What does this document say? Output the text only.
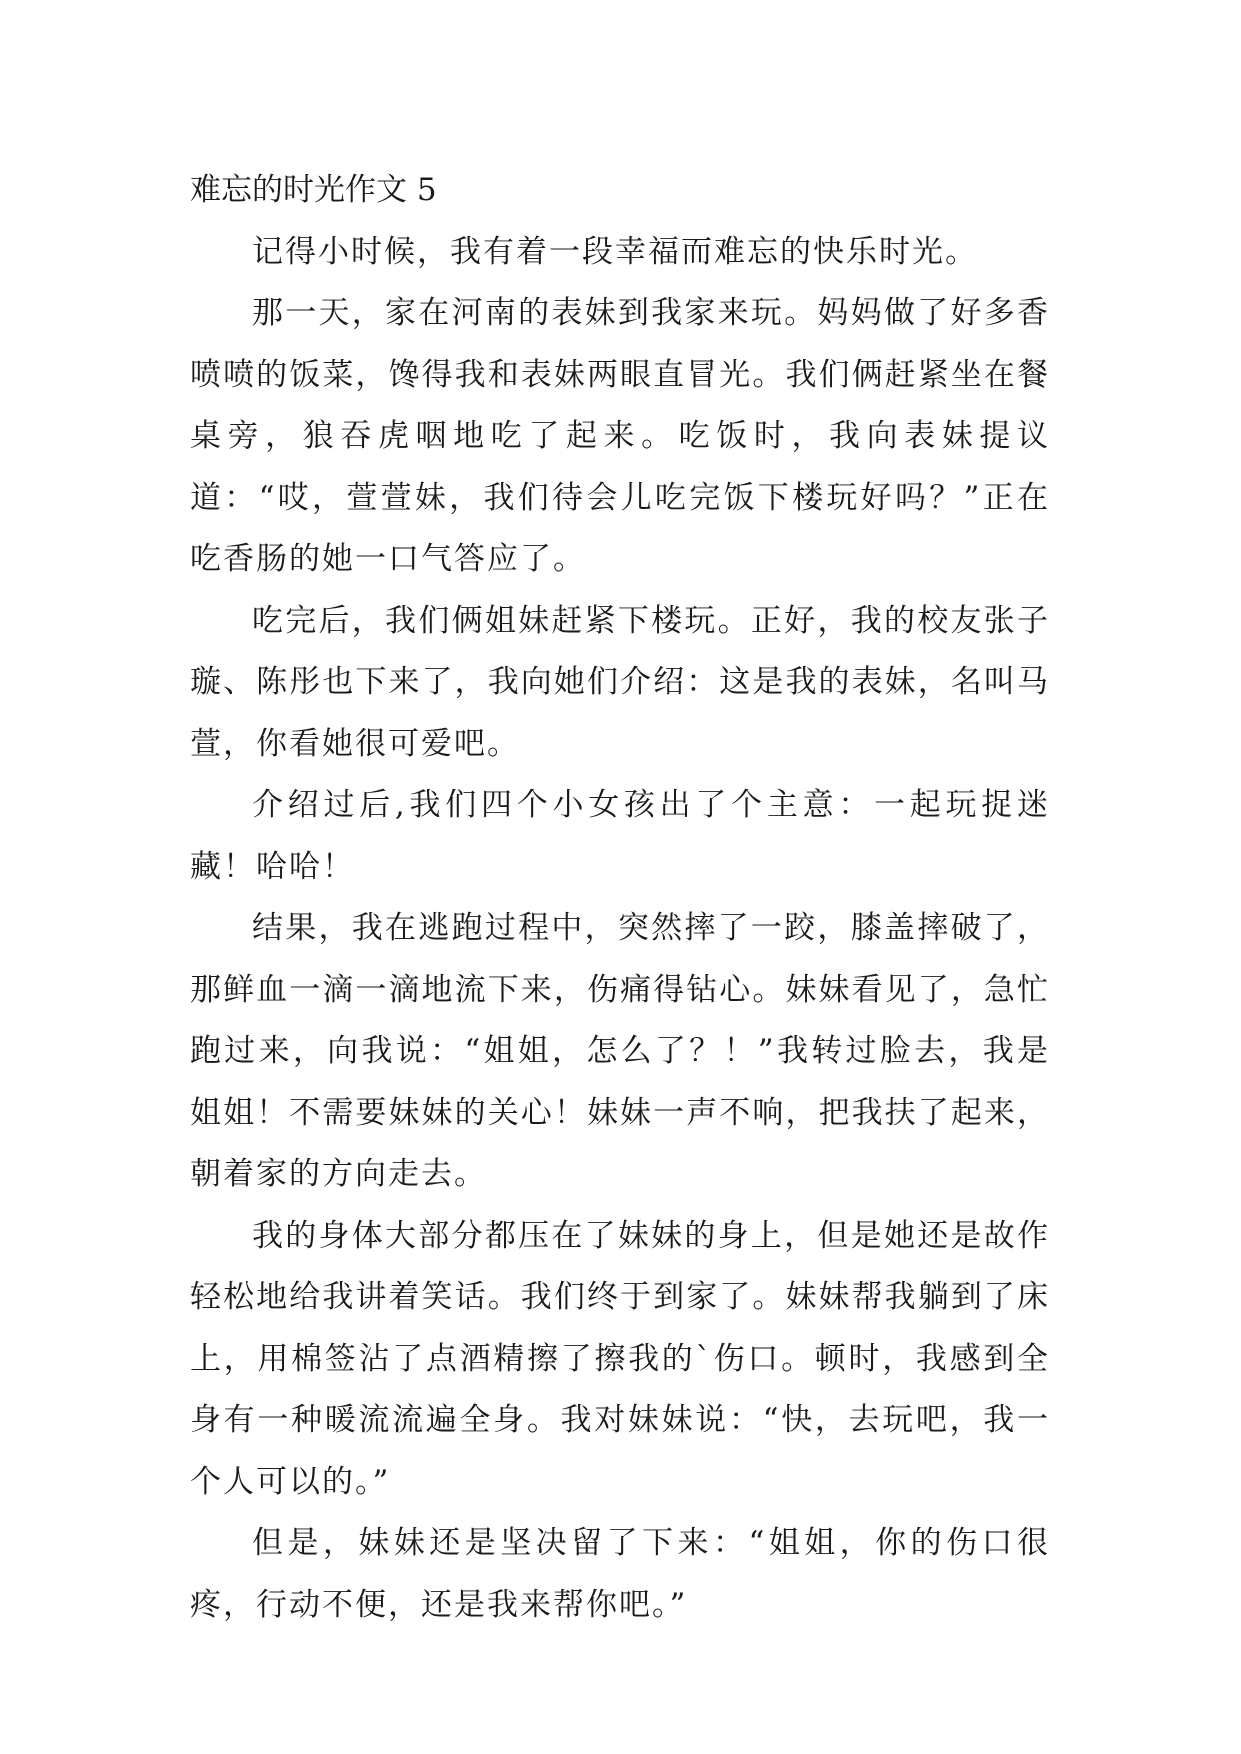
难忘的时光作文 5

记得小时候，我有着一段幸福而难忘的快乐时光。

那一天，家在河南的表妹到我家来玩。妈妈做了好多香喷喷的饭菜，馋得我和表妹两眼直冒光。我们俩赶紧坐在餐桌旁，狼吞虎咽地吃了起来。吃饭时，我向表妹提议道：“哎，萱萱妹，我们待会儿吃完饭下楼玩好吗？”正在吃香肠的她一口气答应了。

吃完后，我们俩姐妹赶紧下楼玩。正好，我的校友张子璇、陈彤也下来了，我向她们介绍：这是我的表妹，名叫马萱，你看她很可爱吧。

介绍过后,我们四个小女孩出了个主意：一起玩捉迷藏！哈哈！

结果，我在逃跑过程中，突然摔了一跤，膝盖摔破了，那鲜血一滴一滴地流下来，伤痛得钻心。妹妹看见了，急忙跑过来，向我说：“姐姐，怎么了？！”我转过脸去，我是姐姐！不需要妹妹的关心！妹妹一声不响，把我扶了起来，朝着家的方向走去。

我的身体大部分都压在了妹妹的身上，但是她还是故作轻松地给我讲着笑话。我们终于到家了。妹妹帮我躺到了床上，用棉签沾了点酒精擦了擦我的`伤口。顿时，我感到全身有一种暖流流遍全身。我对妹妹说：“快，去玩吧，我一个人可以的。”

但是，妹妹还是坚决留了下来：“姐姐，你的伤口很疼，行动不便，还是我来帮你吧。”
